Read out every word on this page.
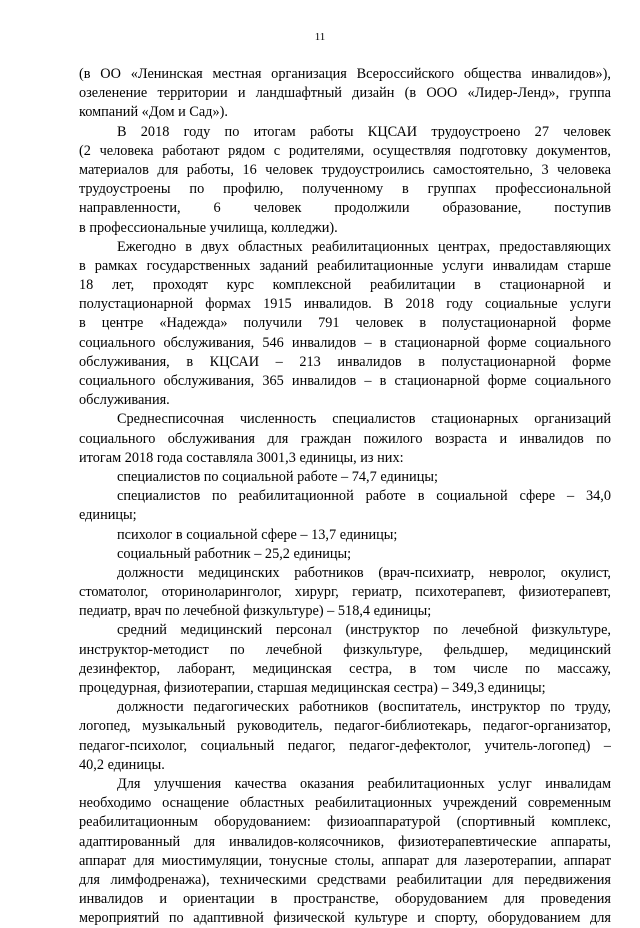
11
(в ОО «Ленинская местная организация Всероссийского общества инвалидов»),
озеленение территории и ландшафтный дизайн (в ООО «Лидер-Ленд», группа
компаний «Дом и Сад»).
В 2018 году по итогам работы КЦСАИ трудоустроено 27 человек
(2 человека работают рядом с родителями, осуществляя подготовку документов,
материалов для работы, 16 человек трудоустроились самостоятельно, 3 человека
трудоустроены по профилю, полученному в группах профессиональной
направленности, 6 человек продолжили образование, поступив
в профессиональные училища, колледжи).
Ежегодно в двух областных реабилитационных центрах, предоставляющих
в рамках государственных заданий реабилитационные услуги инвалидам старше
18 лет, проходят курс комплексной реабилитации в стационарной и
полустационарной формах 1915 инвалидов. В 2018 году социальные услуги
в центре «Надежда» получили 791 человек в полустационарной форме
социального обслуживания, 546 инвалидов – в стационарной форме социального
обслуживания, в КЦСАИ – 213 инвалидов в полустационарной форме
социального обслуживания, 365 инвалидов – в стационарной форме социального
обслуживания.
Среднесписочная численность специалистов стационарных организаций
социального обслуживания для граждан пожилого возраста и инвалидов по
итогам 2018 года составляла 3001,3 единицы, из них:
специалистов по социальной работе – 74,7 единицы;
специалистов по реабилитационной работе в социальной сфере – 34,0
единицы;
психолог в социальной сфере – 13,7 единицы;
социальный работник – 25,2 единицы;
должности медицинских работников (врач-психиатр, невролог, окулист,
стоматолог, оториноларинголог, хирург, гериатр, психотерапевт, физиотерапевт,
педиатр, врач по лечебной физкультуре) – 518,4 единицы;
средний медицинский персонал (инструктор по лечебной физкультуре,
инструктор-методист по лечебной физкультуре, фельдшер, медицинский
дезинфектор, лаборант, медицинская сестра, в том числе по массажу,
процедурная, физиотерапии, старшая медицинская сестра) – 349,3 единицы;
должности педагогических работников (воспитатель, инструктор по труду,
логопед, музыкальный руководитель, педагог-библиотекарь, педагог-организатор,
педагог-психолог, социальный педагог, педагог-дефектолог, учитель-логопед) –
40,2 единицы.
Для улучшения качества оказания реабилитационных услуг инвалидам
необходимо оснащение областных реабилитационных учреждений современным
реабилитационным оборудованием: физиоаппаратурой (спортивный комплекс,
адаптированный для инвалидов-колясочников, физиотерапевтические аппараты,
аппарат для миостимуляции, тонусные столы, аппарат для лазеротерапии, аппарат
для лимфодренажа), техническими средствами реабилитации для передвижения
инвалидов и ориентации в пространстве, оборудованием для проведения
мероприятий по адаптивной физической культуре и спорту, оборудованием для
